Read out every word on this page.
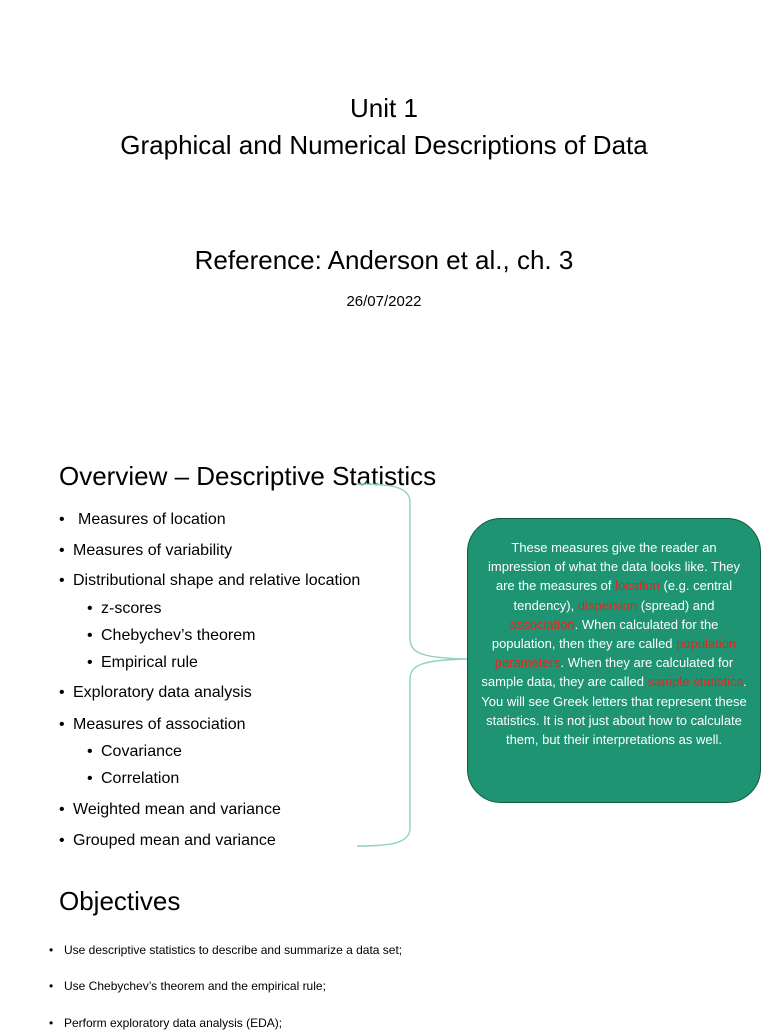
Unit 1
Graphical and Numerical Descriptions of Data
Reference: Anderson et al., ch. 3
26/07/2022
Overview – Descriptive Statistics
• Measures of location
• Measures of variability
• Distributional shape and relative location
• z-scores
• Chebychev’s theorem
• Empirical rule
• Exploratory data analysis
• Measures of association
• Covariance
• Correlation
• Weighted mean and variance
• Grouped mean and variance
These measures give the reader an impression of what the data looks like. They are the measures of location (e.g. central tendency), dispersion (spread) and association. When calculated for the population, then they are called population parameters. When they are calculated for sample data, they are called sample statistics. You will see Greek letters that represent these statistics. It is not just about how to calculate them, but their interpretations as well.
Objectives
• Use descriptive statistics to describe and summarize a data set;
• Use Chebychev’s theorem and the empirical rule;
• Perform exploratory data analysis (EDA);
